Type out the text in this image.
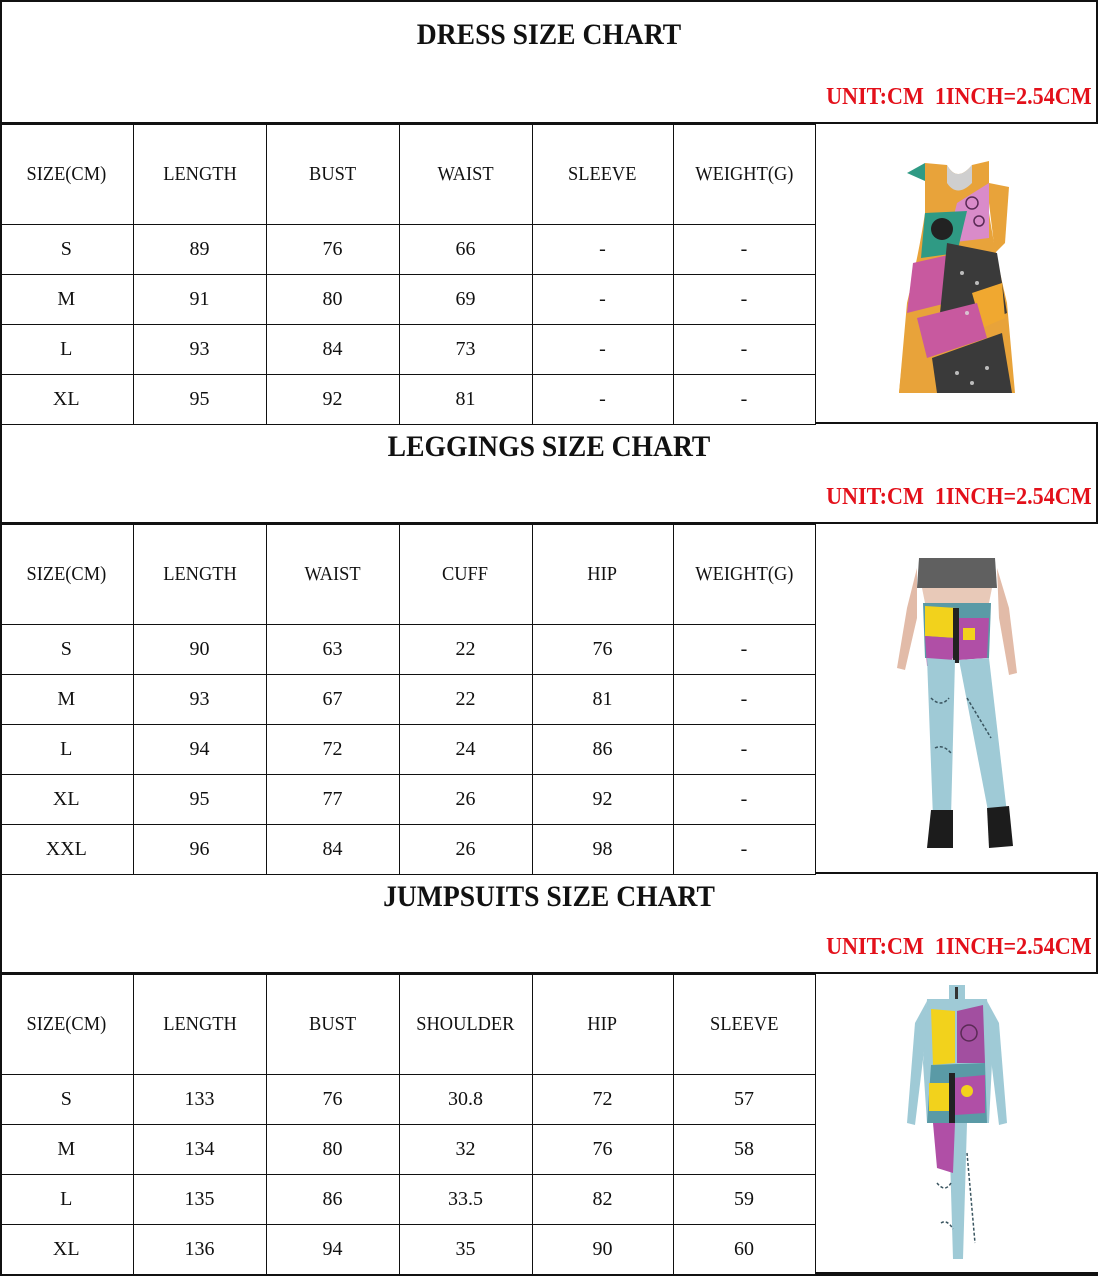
DRESS SIZE CHART
UNIT:CM  1INCH=2.54CM
SIZE(CM)	LENGTH	BUST	WAIST	SLEEVE	WEIGHT(G)
S	89	76	66	-	-
M	91	80	69	-	-
L	93	84	73	-	-
XL	95	92	81	-	-
LEGGINGS SIZE CHART
UNIT:CM  1INCH=2.54CM
SIZE(CM)	LENGTH	WAIST	CUFF	HIP	WEIGHT(G)
S	90	63	22	76	-
M	93	67	22	81	-
L	94	72	24	86	-
XL	95	77	26	92	-
XXL	96	84	26	98	-
JUMPSUITS SIZE CHART
UNIT:CM  1INCH=2.54CM
SIZE(CM)	LENGTH	BUST	SHOULDER	HIP	SLEEVE
S	133	76	30.8	72	57
M	134	80	32	76	58
L	135	86	33.5	82	59
XL	136	94	35	90	60
